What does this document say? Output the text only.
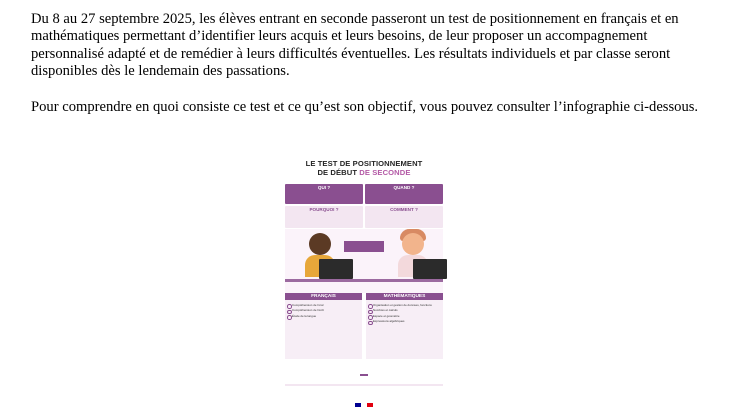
Du 8 au 27 septembre 2025, les élèves entrant en seconde passeront un test de positionnement en français et en mathématiques permettant d’identifier leurs acquis et leurs besoins, de leur proposer un accompagnement personnalisé adapté et de remédier à leurs difficultés éventuelles. Les résultats individuels et par classe seront disponibles dès le lendemain des passations.

Pour comprendre en quoi consiste ce test et ce qu’est son objectif, vous pouvez consulter l’infographie ci-dessous.

LE TEST DE POSITIONNEMENT
DE DÉBUT DE SECONDE
QUI ?	QUAND ?
POURQUOI ?	COMMENT ?
FRANÇAIS
Compréhension de l’oral
Compréhension de l’écrit
Étude de la langue
MATHÉMATIQUES
Organisation et gestion de données, fonctions
Nombres et calculs
Espace et géométrie
Expressions algébriques
